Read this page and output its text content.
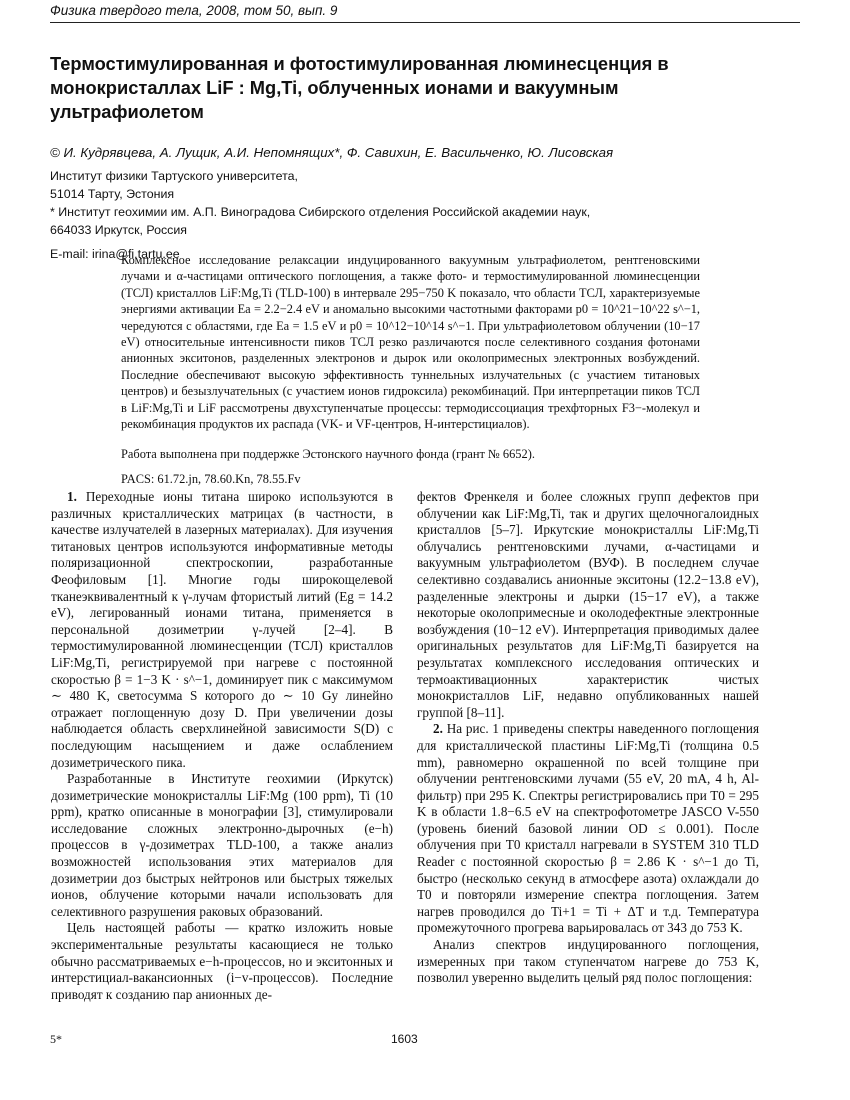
Физика твердого тела, 2008, том 50, вып. 9
Термостимулированная и фотостимулированная люминесценция в монокристаллах LiF : Mg,Ti, облученных ионами и вакуумным ультрафиолетом

© И. Кудрявцева, А. Лущик, А.И. Непомнящих*, Ф. Савихин, Е. Васильченко, Ю. Лисовская

Институт физики Тартуского университета,
51014 Тарту, Эстония
* Институт геохимии им. А.П. Виноградова Сибирского отделения Российской академии наук,
664033 Иркутск, Россия
E-mail: irina@fi.tartu.ee

Комплексное исследование релаксации индуцированного вакуумным ультрафиолетом, рентгеновскими лучами и α-частицами оптического поглощения, а также фото- и термостимулированной люминесценции (ТСЛ) кристаллов LiF:Mg,Ti (TLD-100) в интервале 295−750 K показало, что области ТСЛ, характеризуемые энергиями активации Ea = 2.2−2.4 eV и аномально высокими частотными факторами p0 = 10^21−10^22 s^−1, чередуются с областями, где Ea = 1.5 eV и p0 = 10^12−10^14 s^−1. При ультрафиолетовом облучении (10−17 eV) относительные интенсивности пиков ТСЛ резко различаются после селективного создания фотонами анионных экситонов, разделенных электронов и дырок или околопримесных электронных возбуждений. Последние обеспечивают высокую эффективность туннельных излучательных (с участием титановых центров) и безызлучательных (с участием ионов гидроксила) рекомбинаций. При интерпретации пиков ТСЛ в LiF:Mg,Ti и LiF рассмотрены двухступенчатые процессы: термодиссоциация трехфторных F3−-молекул и рекомбинация продуктов их распада (VK- и VF-центров, H-интерстициалов).

Работа выполнена при поддержке Эстонского научного фонда (грант № 6652).

PACS: 61.72.jn, 78.60.Kn, 78.55.Fv

1. Переходные ионы титана широко используются в различных кристаллических матрицах (в частности, в качестве излучателей в лазерных материалах). Для изучения титановых центров используются информативные методы поляризационной спектроскопии, разработанные Феофиловым [1]. Многие годы широкощелевой тканеэквивалентный к γ-лучам фтористый литий (Eg = 14.2 eV), легированный ионами титана, применяется в персональной дозиметрии γ-лучей [2–4]. В термостимулированной люминесценции (ТСЛ) кристаллов LiF:Mg,Ti, регистрируемой при нагреве с постоянной скоростью β = 1−3 K · s^−1, доминирует пик с максимумом ∼ 480 K, светосумма S которого до ∼ 10 Gy линейно отражает поглощенную дозу D. При увеличении дозы наблюдается область сверхлинейной зависимости S(D) с последующим насыщением и даже ослаблением дозиметрического пика.

Разработанные в Институте геохимии (Иркутск) дозиметрические монокристаллы LiF:Mg (100 ppm), Ti (10 ppm), кратко описанные в монографии [3], стимулировали исследование сложных электронно-дырочных (e−h) процессов в γ-дозиметрах TLD-100, а также анализ возможностей использования этих материалов для дозиметрии доз быстрых нейтронов или быстрых тяжелых ионов, облучение которыми начали использовать для селективного разрушения раковых образований.

Цель настоящей работы — кратко изложить новые экспериментальные результаты касающиеся не только обычно рассматриваемых e−h-процессов, но и экситонных и интерстициал-вакансионных (i−v-процессов). Последние приводят к созданию пар анионных де-

фектов Френкеля и более сложных групп дефектов при облучении как LiF:Mg,Ti, так и других щелочногалоидных кристаллов [5–7]. Иркутские монокристаллы LiF:Mg,Ti облучались рентгеновскими лучами, α-частицами и вакуумным ультрафиолетом (ВУФ). В последнем случае селективно создавались анионные экситоны (12.2−13.8 eV), разделенные электроны и дырки (15−17 eV), а также некоторые околопримесные и околодефектные электронные возбуждения (10−12 eV). Интерпретация приводимых далее оригинальных результатов для LiF:Mg,Ti базируется на результатах комплексного исследования оптических и термоактивационных характеристик чистых монокристаллов LiF, недавно опубликованных нашей группой [8–11].

2. На рис. 1 приведены спектры наведенного поглощения для кристаллической пластины LiF:Mg,Ti (толщина 0.5 mm), равномерно окрашенной по всей толщине при облучении рентгеновскими лучами (55 eV, 20 mA, 4 h, Al-фильтр) при 295 K. Спектры регистрировались при T0 = 295 K в области 1.8−6.5 eV на спектрофотометре JASCO V-550 (уровень биений базовой линии OD ≤ 0.001). После облучения при T0 кристалл нагревали в SYSTEM 310 TLD Reader с постоянной скоростью β = 2.86 K · s^−1 до Ti, быстро (несколько секунд в атмосфере азота) охлаждали до T0 и повторяли измерение спектра поглощения. Затем нагрев проводился до Ti+1 = Ti + ΔT и т.д. Температура промежуточного прогрева варьировалась от 343 до 753 K.

Анализ спектров индуцированного поглощения, измеренных при таком ступенчатом нагреве до 753 K, позволил уверенно выделить целый ряд полос поглощения:

5*	1603
